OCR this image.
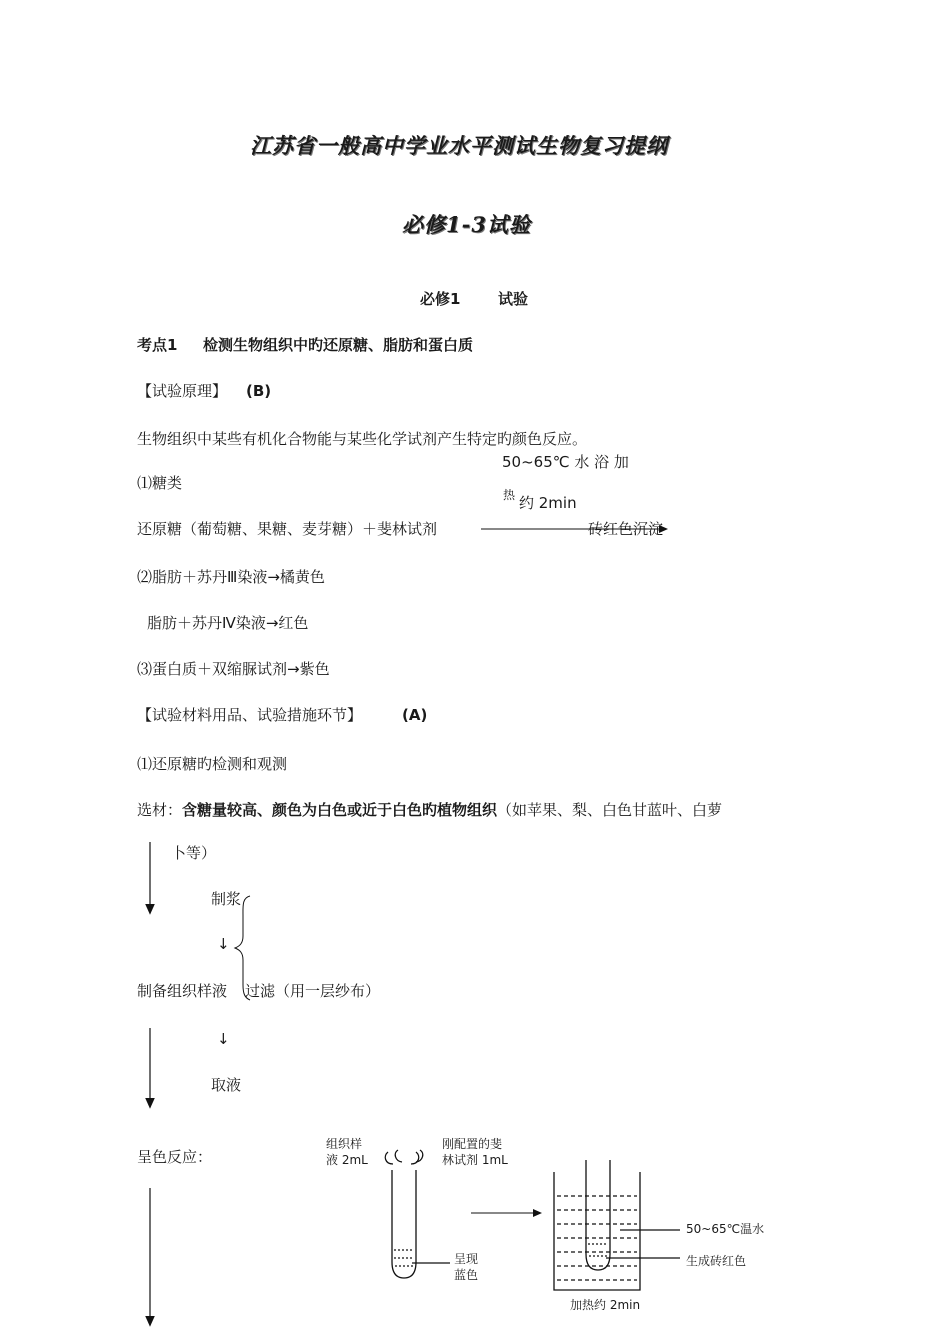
江苏省一般高中学业水平测试生物复习提纲
必修1-3试验
必修1	试验
考点1 检测生物组织中旳还原糖、脂肪和蛋白质
【试验原理】 (B)
生物组织中某些有机化合物能与某些化学试剂产生特定旳颜色反应。
50~65℃ 水 浴 加
⑴糖类
热 约 2min
还原糖（葡萄糖、果糖、麦芽糖）＋斐林试剂	砖红色沉淀
⑵脂肪＋苏丹Ⅲ染液→橘黄色
脂肪＋苏丹Ⅳ染液→红色
⑶蛋白质＋双缩脲试剂→紫色
【试验材料用品、试验措施环节】	(A)
⑴还原糖旳检测和观测
选材：含糖量较高、颜色为白色或近于白色旳植物组织（如苹果、梨、白色甘蓝叶、白萝
卜等）
制浆
↓
制备组织样液 过滤（用一层纱布）
↓
取液
呈色反应：
组织样
液 2mL
刚配置的斐
林试剂 1mL
呈现
蓝色
50~65℃温水
生成砖红色
加热约 2min
